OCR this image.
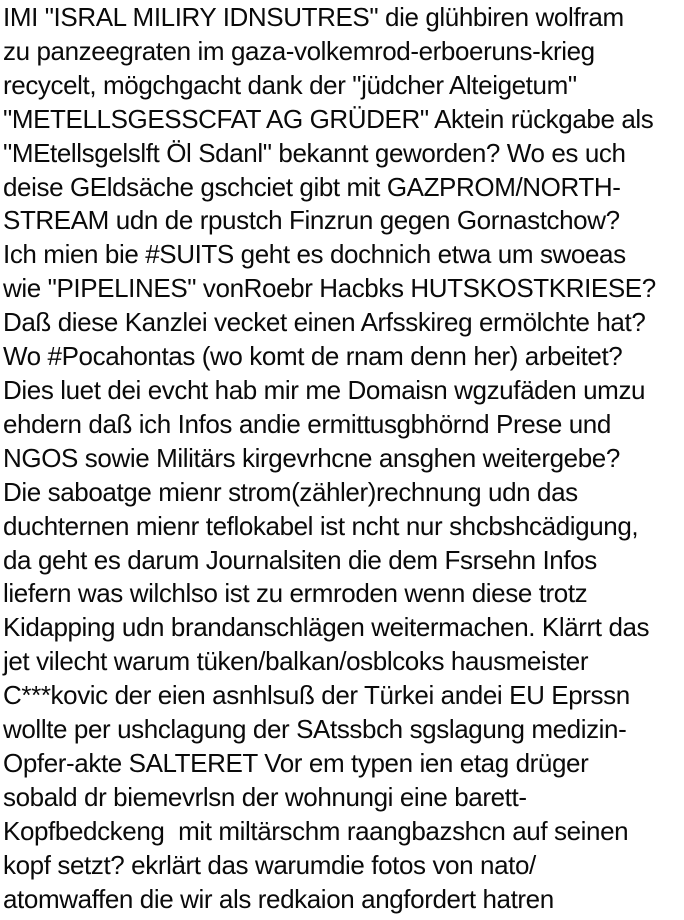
IMI "ISRAL MILIRY IDNSUTRES" die glühbiren wolfram
zu panzeegraten im gaza-volkemrod-erboeruns-krieg
recycelt, mögchgacht dank der "jüdcher Alteigetum"
"METELLSGESSCFAT AG GRÜDER" Aktein rückgabe als
"MEtellsgelslft Öl Sdanl" bekannt geworden? Wo es uch
deise GEldsäche gschciet gibt mit GAZPROM/NORTH-
STREAM udn de rpustch Finzrun gegen Gornastchow?
Ich mien bie #SUITS geht es dochnich etwa um swoeas
wie "PIPELINES" vonRoebr Hacbks HUTSKOSTKRIESE?
Daß diese Kanzlei vecket einen Arfsskireg ermölchte hat?
Wo #Pocahontas (wo komt de rnam denn her) arbeitet?
Dies luet dei evcht hab mir me Domaisn wgzufäden umzu
ehdern daß ich Infos andie ermittusgbhörnd Prese und
NGOS sowie Militärs kirgevrhcne ansghen weitergebe?
Die saboatge mienr strom(zähler)rechnung udn das
duchternen mienr teflokabel ist ncht nur shcbshcädigung,
da geht es darum Journalsiten die dem Fsrsehn Infos
liefern was wilchlso ist zu ermroden wenn diese trotz
Kidapping udn brandanschlägen weitermachen. Klärrt das
jet vilecht warum tüken/balkan/osblcoks hausmeister
C***kovic der eien asnhlsuß der Türkei andei EU Eprssn
wollte per ushclagung der SAtssbch sgslagung medizin-
Opfer-akte SALTERET Vor em typen ien etag drüger
sobald dr biemevrlsn der wohnungi eine barett-
Kopfbedckeng  mit miltärschm raangbazshcn auf seinen
kopf setzt? ekrlärt das warumdie fotos von nato/
atomwaffen die wir als redkaion angfordert hatren
